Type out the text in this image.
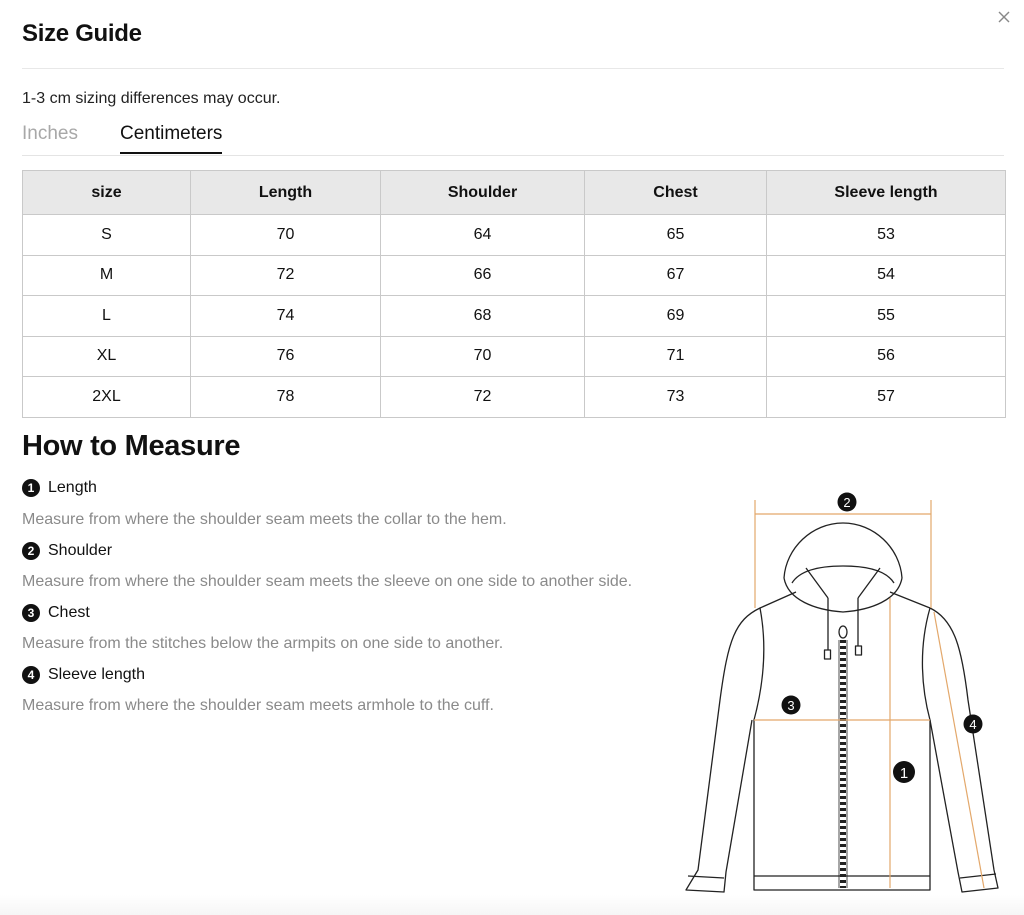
Size Guide
1-3 cm sizing differences may occur.
Inches Centimeters
size	Length	Shoulder	Chest	Sleeve length
S	70	64	65	53
M	72	66	67	54
L	74	68	69	55
XL	76	70	71	56
2XL	78	72	73	57
How to Measure
1 Length
Measure from where the shoulder seam meets the collar to the hem.
2 Shoulder
Measure from where the shoulder seam meets the sleeve on one side to another side.
3 Chest
Measure from the stitches below the armpits on one side to another.
4 Sleeve length
Measure from where the shoulder seam meets armhole to the cuff.
2
3
4
1
